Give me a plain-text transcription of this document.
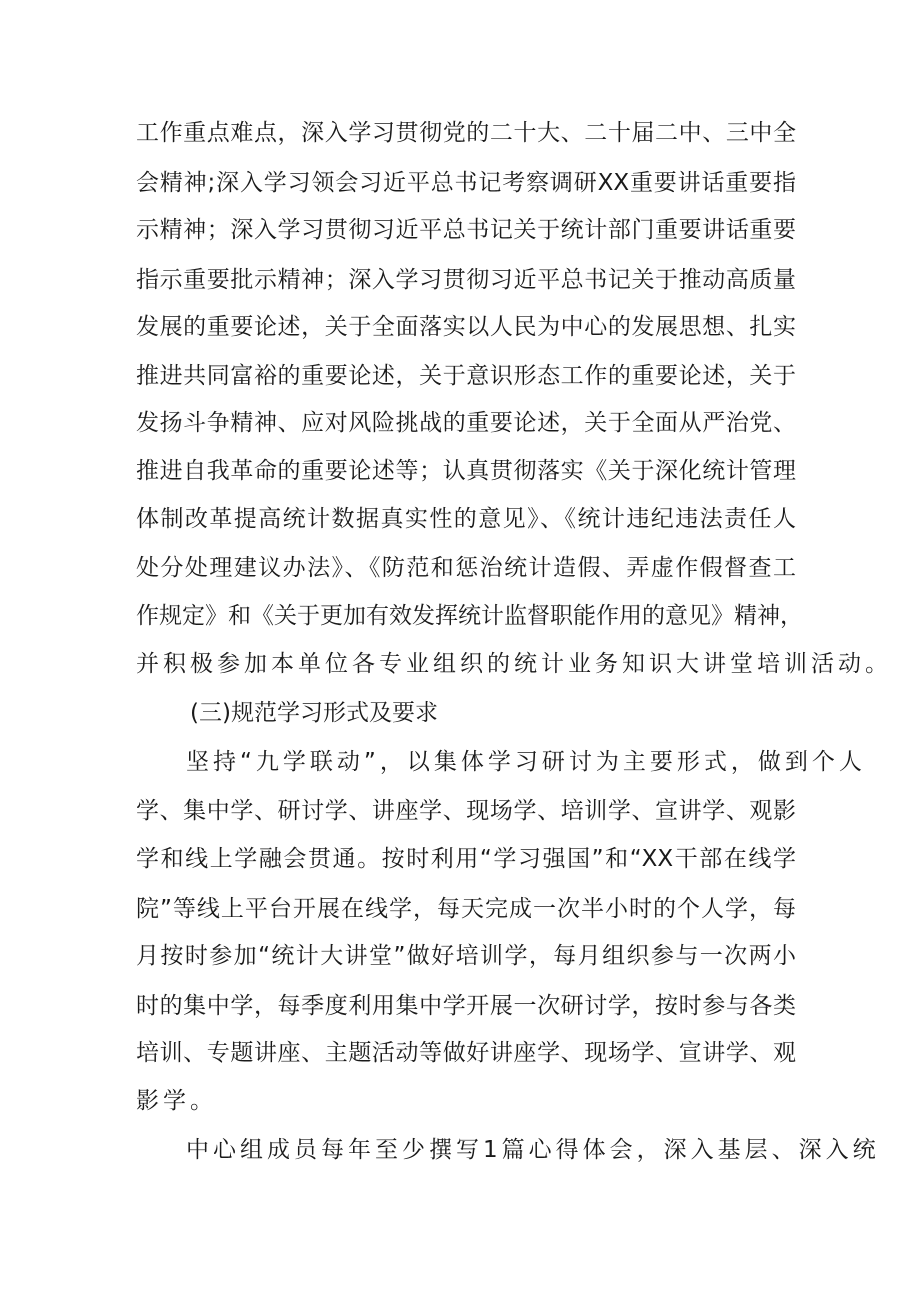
工作重点难点，深入学习贯彻党的二十大、二十届二中、三中全
会精神;深入学习领会习近平总书记考察调研XX重要讲话重要指
示精神；深入学习贯彻习近平总书记关于统计部门重要讲话重要
指示重要批示精神；深入学习贯彻习近平总书记关于推动高质量
发展的重要论述，关于全面落实以人民为中心的发展思想、扎实
推进共同富裕的重要论述，关于意识形态工作的重要论述，关于
发扬斗争精神、应对风险挑战的重要论述，关于全面从严治党、
推进自我革命的重要论述等；认真贯彻落实《关于深化统计管理
体制改革提高统计数据真实性的意见》、《统计违纪违法责任人
处分处理建议办法》、《防范和惩治统计造假、弄虚作假督查工
作规定》和《关于更加有效发挥统计监督职能作用的意见》精神，
并积极参加本单位各专业组织的统计业务知识大讲堂培训活动。
(三)规范学习形式及要求
坚持“九学联动”，以集体学习研讨为主要形式，做到个人
学、集中学、研讨学、讲座学、现场学、培训学、宣讲学、观影
学和线上学融会贯通。按时利用“学习强国”和“XX干部在线学
院”等线上平台开展在线学，每天完成一次半小时的个人学，每
月按时参加“统计大讲堂”做好培训学，每月组织参与一次两小
时的集中学，每季度利用集中学开展一次研讨学，按时参与各类
培训、专题讲座、主题活动等做好讲座学、现场学、宣讲学、观
影学。
中心组成员每年至少撰写1篇心得体会，深入基层、深入统
